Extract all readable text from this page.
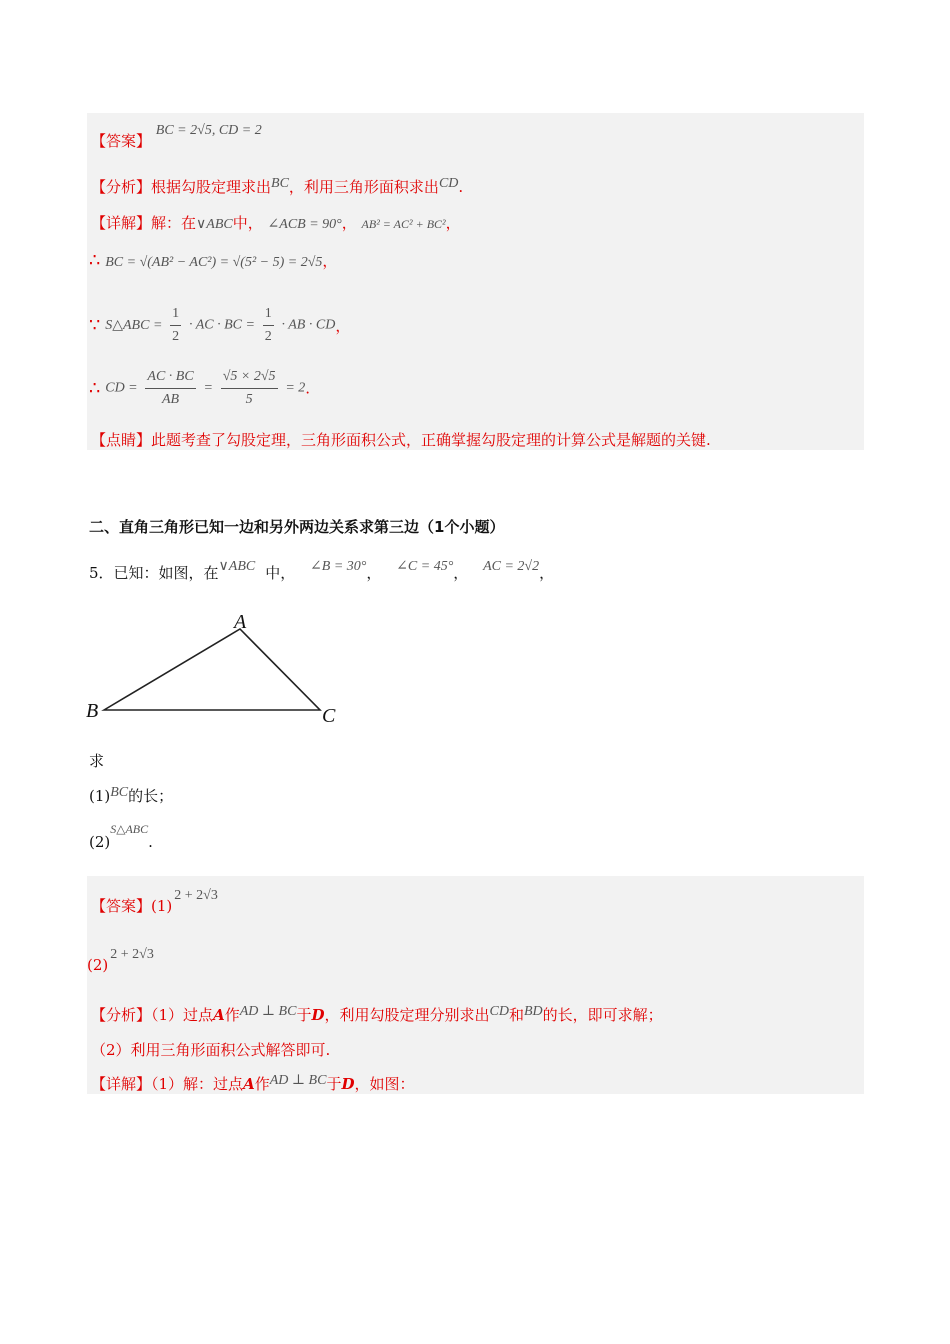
【答案】 BC = 2√5, CD = 2
【分析】根据勾股定理求出BC，利用三角形面积求出CD.
【详解】解：在∨ABC中， ∠ACB = 90°， AB² = AC² + BC²，
∴ BC = √(AB² − AC²) = √(5² − 5) = 2√5，
∵ S△ABC = $\frac{1}{2}$ · AC · BC = $\frac{1}{2}$ · AB · CD，
∴ CD = $\frac{AC \cdot BC}{AB} = \frac{√5 \times 2√5}{5} = 2$.
【点睛】此题考查了勾股定理，三角形面积公式，正确掌握勾股定理的计算公式是解题的关键.
二、直角三角形已知一边和另外两边关系求第三边（1个小题）
5．已知：如图，在∨ABC 中， ∠B = 30°， ∠C = 45°， AC = 2√2，
A
B	C
求
(1)BC的长；
$(2)^{S\triangle ABC}$.
【答案】(1)2 + 2√3
(2)2 + 2√3
【分析】（1）过点A作AD ⊥ BC于D，利用勾股定理分别求出CD和BD的长，即可求解；
（2）利用三角形面积公式解答即可.
【详解】（1）解：过点A作AD ⊥ BC于D，如图：
